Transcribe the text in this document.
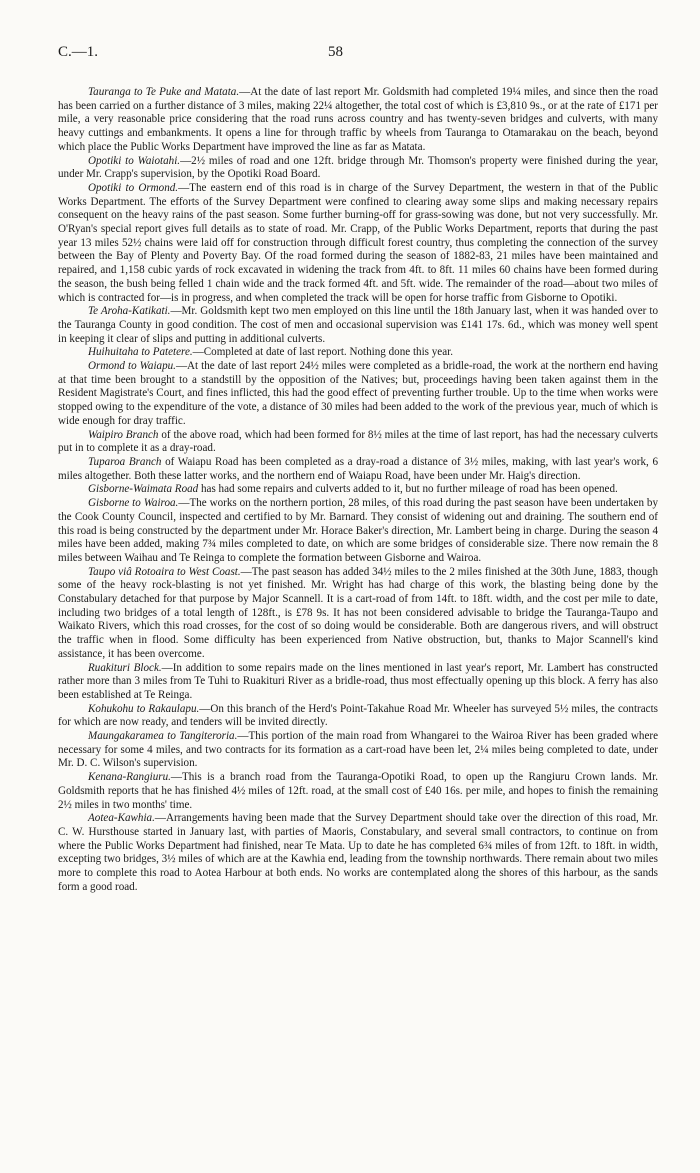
C.—1.	58

Tauranga to Te Puke and Matata.—At the date of last report Mr. Goldsmith had completed 19¼ miles, and since then the road has been carried on a further distance of 3 miles, making 22¼ altogether, the total cost of which is £3,810 9s., or at the rate of £171 per mile, a very reasonable price considering that the road runs across country and has twenty-seven bridges and culverts, with many heavy cuttings and embankments. It opens a line for through traffic by wheels from Tauranga to Otamarakau on the beach, beyond which place the Public Works Department have improved the line as far as Matata.

Opotiki to Waiotahi.—2½ miles of road and one 12ft. bridge through Mr. Thomson's property were finished during the year, under Mr. Crapp's supervision, by the Opotiki Road Board.

Opotiki to Ormond.—The eastern end of this road is in charge of the Survey Department, the western in that of the Public Works Department. The efforts of the Survey Department were confined to clearing away some slips and making necessary repairs consequent on the heavy rains of the past season. Some further burning-off for grass-sowing was done, but not very successfully. Mr. O'Ryan's special report gives full details as to state of road. Mr. Crapp, of the Public Works Department, reports that during the past year 13 miles 52½ chains were laid off for construction through difficult forest country, thus completing the connection of the survey between the Bay of Plenty and Poverty Bay. Of the road formed during the season of 1882-83, 21 miles have been maintained and repaired, and 1,158 cubic yards of rock excavated in widening the track from 4ft. to 8ft. 11 miles 60 chains have been formed during the season, the bush being felled 1 chain wide and the track formed 4ft. and 5ft. wide. The remainder of the road—about two miles of which is contracted for—is in progress, and when completed the track will be open for horse traffic from Gisborne to Opotiki.

Te Aroha-Katikati.—Mr. Goldsmith kept two men employed on this line until the 18th January last, when it was handed over to the Tauranga County in good condition. The cost of men and occasional supervision was £141 17s. 6d., which was money well spent in keeping it clear of slips and putting in additional culverts.

Huihuitaha to Patetere.—Completed at date of last report. Nothing done this year.

Ormond to Waiapu.—At the date of last report 24½ miles were completed as a bridle-road, the work at the northern end having at that time been brought to a standstill by the opposition of the Natives; but, proceedings having been taken against them in the Resident Magistrate's Court, and fines inflicted, this had the good effect of preventing further trouble. Up to the time when works were stopped owing to the expenditure of the vote, a distance of 30 miles had been added to the work of the previous year, much of which is wide enough for dray traffic.

Waipiro Branch of the above road, which had been formed for 8½ miles at the time of last report, has had the necessary culverts put in to complete it as a dray-road.

Tuparoa Branch of Waiapu Road has been completed as a dray-road a distance of 3½ miles, making, with last year's work, 6 miles altogether. Both these latter works, and the northern end of Waiapu Road, have been under Mr. Haig's direction.

Gisborne-Waimata Road has had some repairs and culverts added to it, but no further mileage of road has been opened.

Gisborne to Wairoa.—The works on the northern portion, 28 miles, of this road during the past season have been undertaken by the Cook County Council, inspected and certified to by Mr. Barnard. They consist of widening out and draining. The southern end of this road is being constructed by the department under Mr. Horace Baker's direction, Mr. Lambert being in charge. During the season 4 miles have been added, making 7¾ miles completed to date, on which are some bridges of considerable size. There now remain the 8 miles between Waihau and Te Reinga to complete the formation between Gisborne and Wairoa.

Taupo viâ Rotoaira to West Coast.—The past season has added 34½ miles to the 2 miles finished at the 30th June, 1883, though some of the heavy rock-blasting is not yet finished. Mr. Wright has had charge of this work, the blasting being done by the Constabulary detached for that purpose by Major Scannell. It is a cart-road of from 14ft. to 18ft. width, and the cost per mile to date, including two bridges of a total length of 128ft., is £78 9s. It has not been considered advisable to bridge the Tauranga-Taupo and Waikato Rivers, which this road crosses, for the cost of so doing would be considerable. Both are dangerous rivers, and will obstruct the traffic when in flood. Some difficulty has been experienced from Native obstruction, but, thanks to Major Scannell's kind assistance, it has been overcome.

Ruakituri Block.—In addition to some repairs made on the lines mentioned in last year's report, Mr. Lambert has constructed rather more than 3 miles from Te Tuhi to Ruakituri River as a bridle-road, thus most effectually opening up this block. A ferry has also been established at Te Reinga.

Kohukohu to Rakaulapu.—On this branch of the Herd's Point-Takahue Road Mr. Wheeler has surveyed 5½ miles, the contracts for which are now ready, and tenders will be invited directly.

Maungakaramea to Tangiteroria.—This portion of the main road from Whangarei to the Wairoa River has been graded where necessary for some 4 miles, and two contracts for its formation as a cart-road have been let, 2¼ miles being completed to date, under Mr. D. C. Wilson's supervision.

Kenana-Rangiuru.—This is a branch road from the Tauranga-Opotiki Road, to open up the Rangiuru Crown lands. Mr. Goldsmith reports that he has finished 4½ miles of 12ft. road, at the small cost of £40 16s. per mile, and hopes to finish the remaining 2½ miles in two months' time.

Aotea-Kawhia.—Arrangements having been made that the Survey Department should take over the direction of this road, Mr. C. W. Hursthouse started in January last, with parties of Maoris, Constabulary, and several small contractors, to continue on from where the Public Works Department had finished, near Te Mata. Up to date he has completed 6¾ miles of from 12ft. to 18ft. in width, excepting two bridges, 3½ miles of which are at the Kawhia end, leading from the township northwards. There remain about two miles more to complete this road to Aotea Harbour at both ends. No works are contemplated along the shores of this harbour, as the sands form a good road.
